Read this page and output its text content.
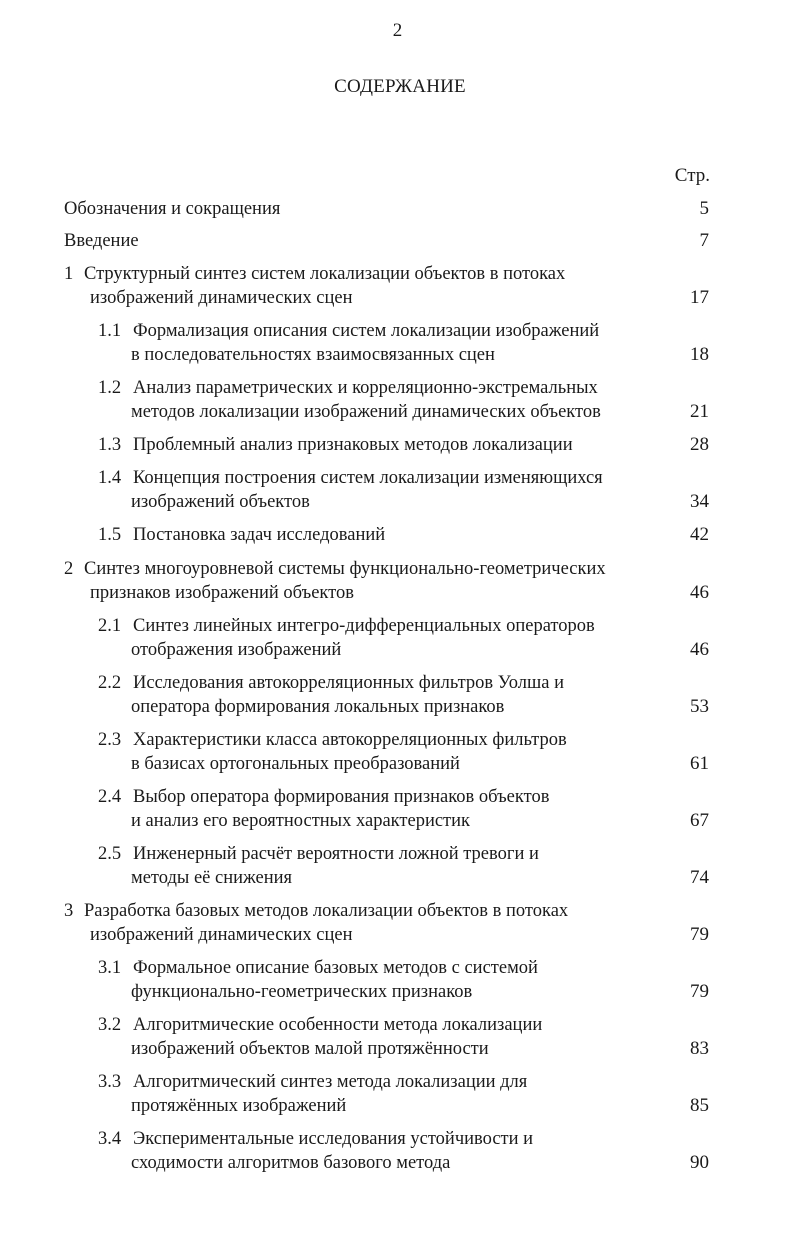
2
СОДЕРЖАНИЕ
Стр.
Обозначения и сокращения	5
Введение	7
1 Структурный синтез систем локализации объектов в потоках
изображений динамических сцен	17
1.1 Формализация описания систем локализации изображений
в последовательностях взаимосвязанных сцен	18
1.2 Анализ параметрических и корреляционно-экстремальных
методов локализации изображений динамических объектов	21
1.3 Проблемный анализ признаковых методов локализации	28
1.4 Концепция построения систем локализации изменяющихся
изображений объектов	34
1.5 Постановка задач исследований	42
2 Синтез многоуровневой системы функционально-геометрических
признаков изображений объектов	46
2.1 Синтез линейных интегро-дифференциальных операторов
отображения изображений	46
2.2 Исследования автокорреляционных фильтров Уолша и
оператора формирования локальных признаков	53
2.3 Характеристики класса автокорреляционных фильтров
в базисах ортогональных преобразований	61
2.4 Выбор оператора формирования признаков объектов
и анализ его вероятностных характеристик	67
2.5 Инженерный расчёт вероятности ложной тревоги и
методы её снижения	74
3 Разработка базовых методов локализации объектов в потоках
изображений динамических сцен	79
3.1 Формальное описание базовых методов с системой
функционально-геометрических признаков	79
3.2 Алгоритмические особенности метода локализации
изображений объектов малой протяжённости	83
3.3 Алгоритмический синтез метода локализации для
протяжённых изображений	85
3.4 Экспериментальные исследования устойчивости и
сходимости алгоритмов базового метода	90
